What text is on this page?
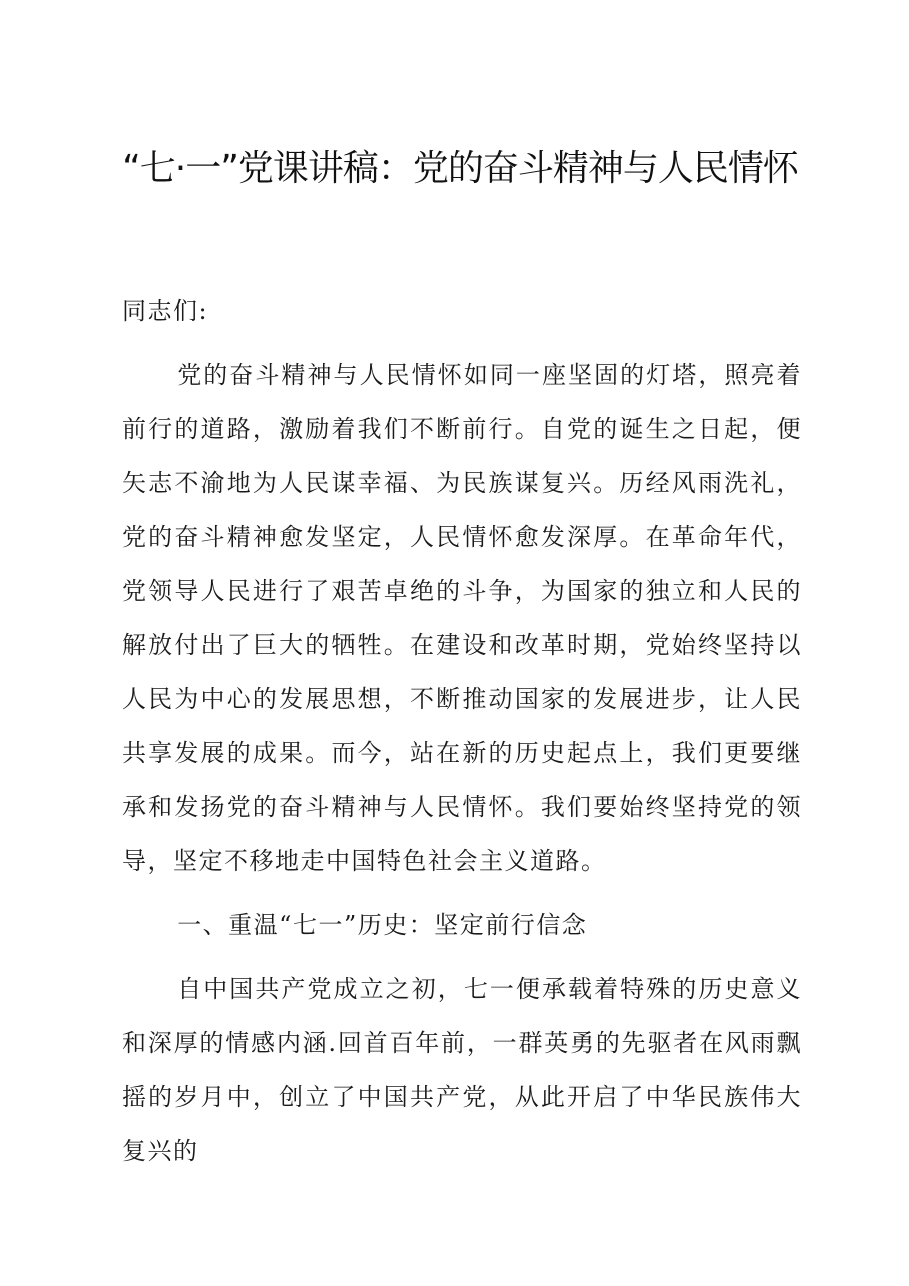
“七·一”党课讲稿：党的奋斗精神与人民情怀

同志们:

党的奋斗精神与人民情怀如同一座坚固的灯塔，照亮着前行的道路，激励着我们不断前行。自党的诞生之日起，便矢志不渝地为人民谋幸福、为民族谋复兴。历经风雨洗礼，党的奋斗精神愈发坚定，人民情怀愈发深厚。在革命年代，党领导人民进行了艰苦卓绝的斗争，为国家的独立和人民的解放付出了巨大的牺牲。在建设和改革时期，党始终坚持以人民为中心的发展思想，不断推动国家的发展进步，让人民共享发展的成果。而今，站在新的历史起点上，我们更要继承和发扬党的奋斗精神与人民情怀。我们要始终坚持党的领导，坚定不移地走中国特色社会主义道路。

一、重温“七一”历史：坚定前行信念

自中国共产党成立之初，七一便承载着特殊的历史意义和深厚的情感内涵.回首百年前，一群英勇的先驱者在风雨飘摇的岁月中，创立了中国共产党，从此开启了中华民族伟大复兴的
